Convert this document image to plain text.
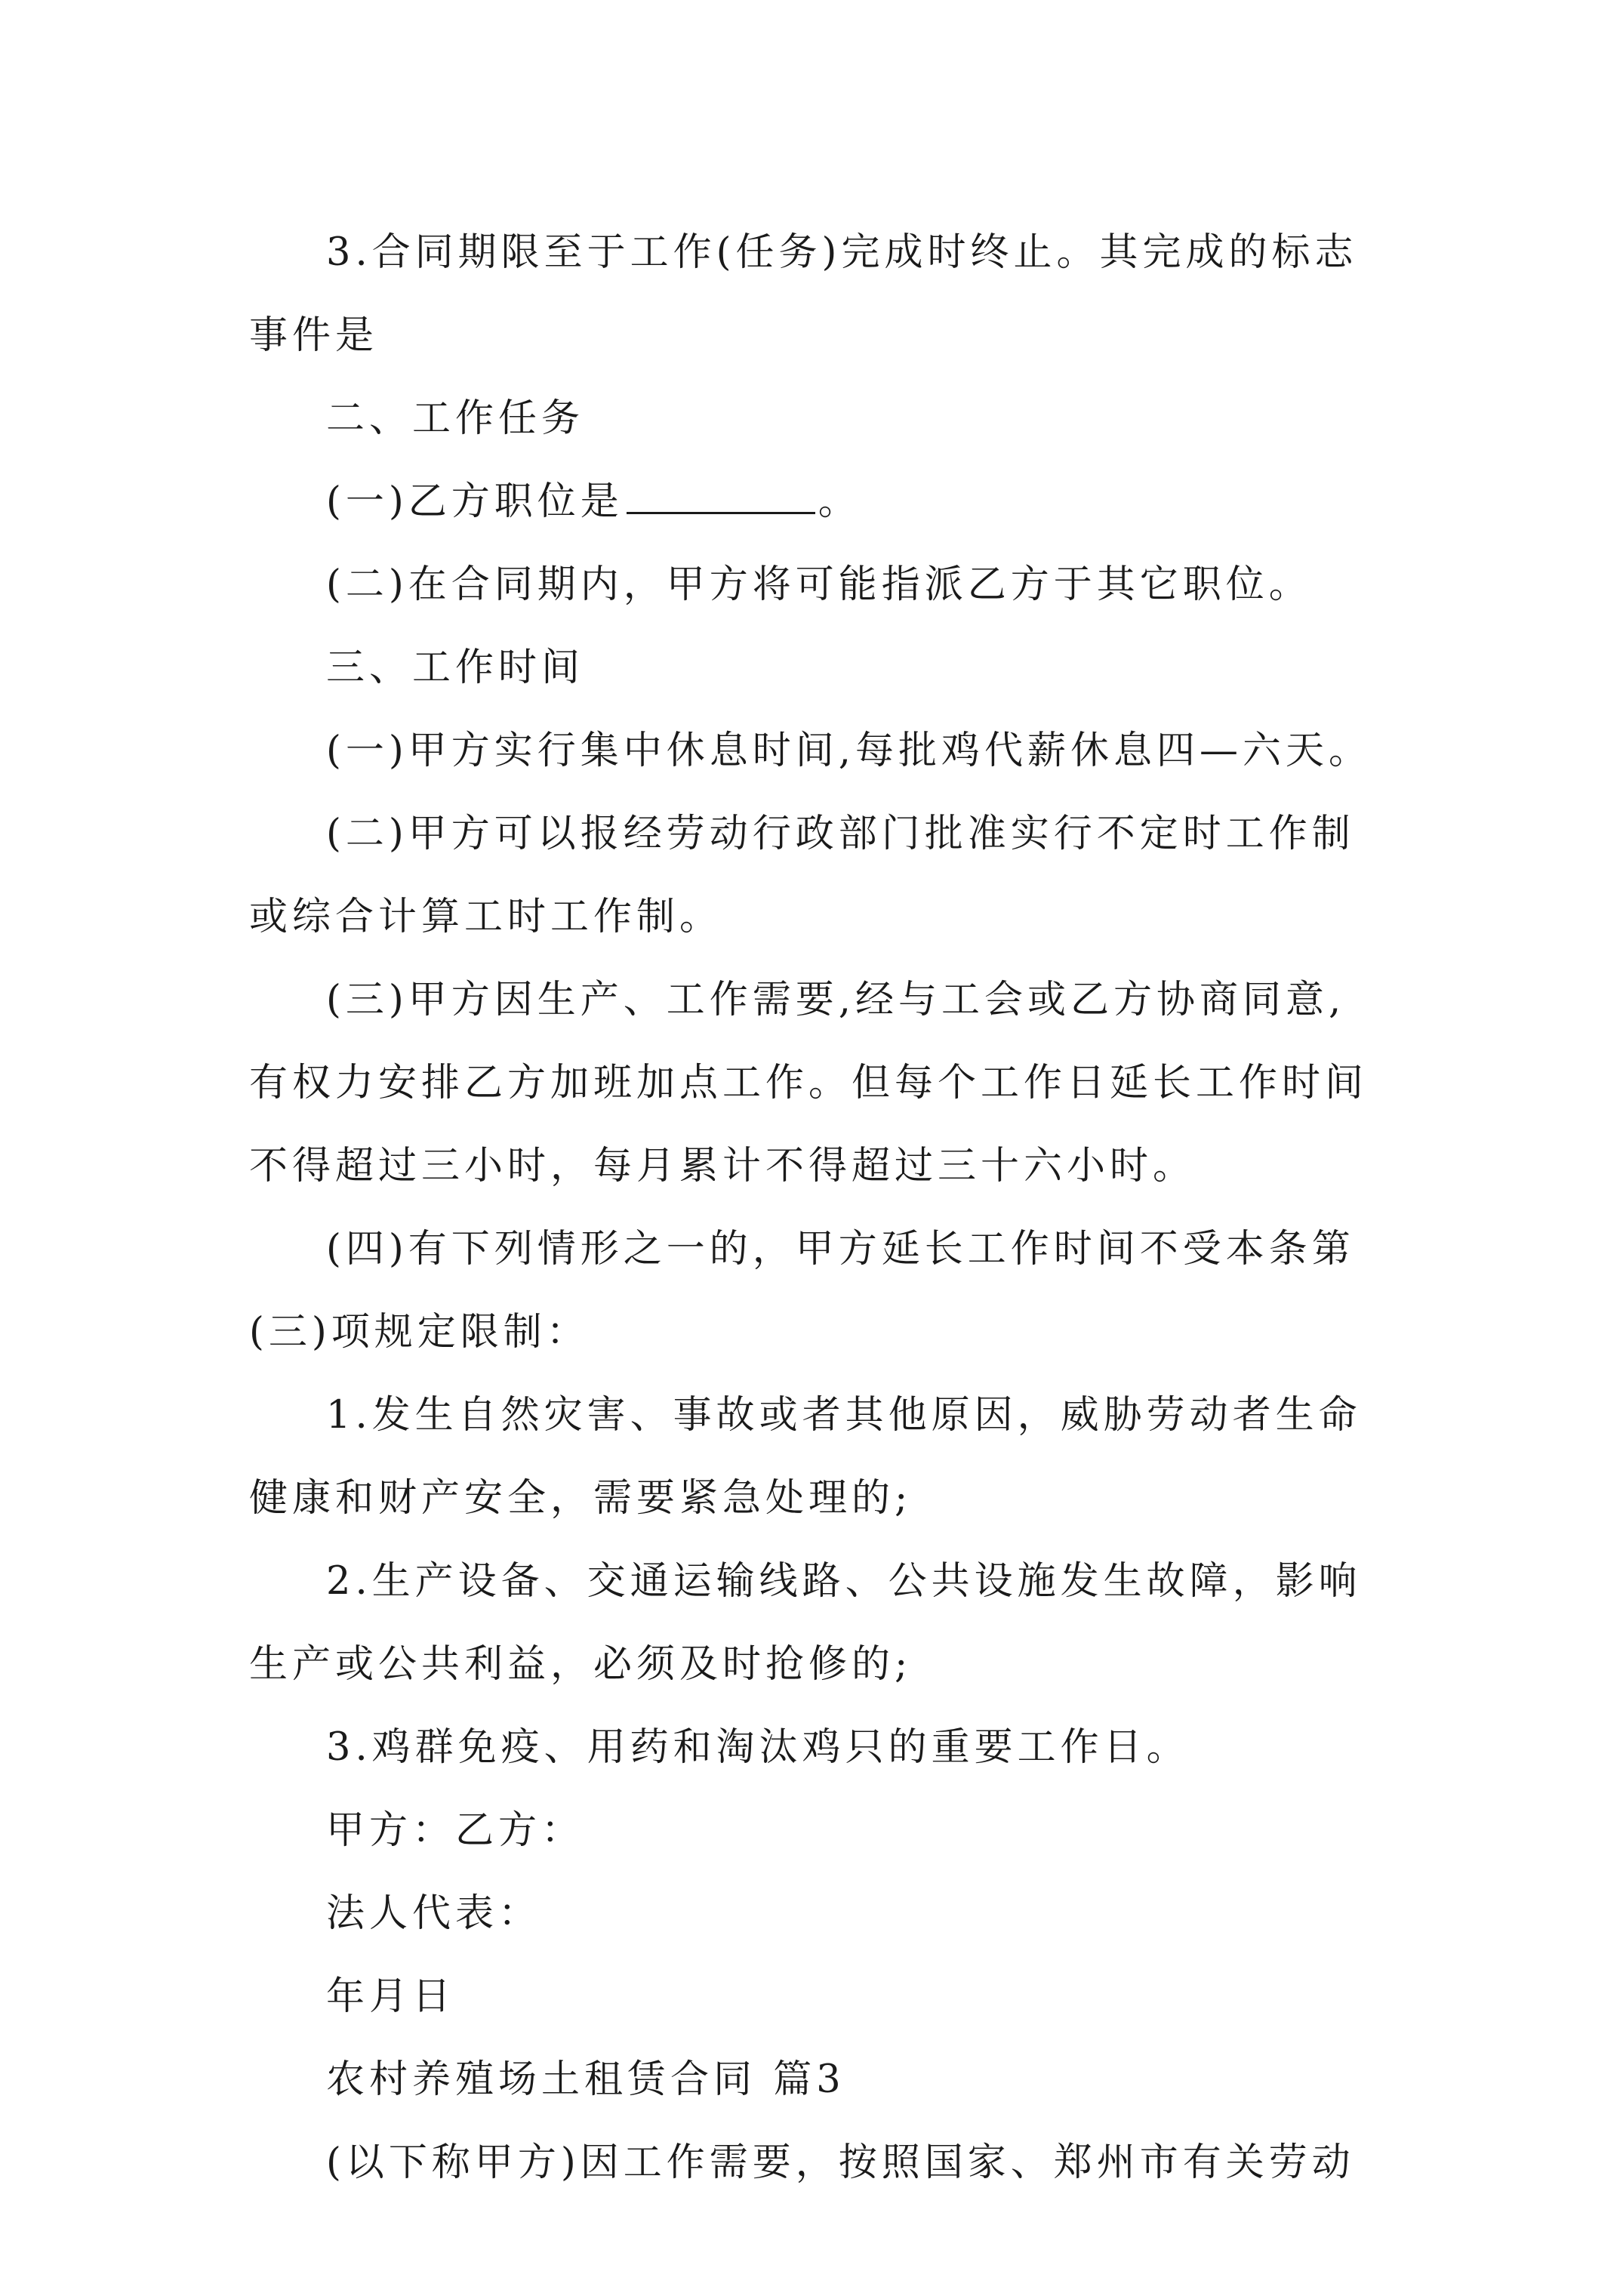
3.合同期限至于工作(任务)完成时终止。其完成的标志事件是

二、工作任务

(一)乙方职位是	。

(二)在合同期内，甲方将可能指派乙方于其它职位。

三、工作时间

(一)甲方实行集中休息时间,每批鸡代薪休息四—六天。

(二)甲方可以报经劳动行政部门批准实行不定时工作制或综合计算工时工作制。

(三)甲方因生产、工作需要,经与工会或乙方协商同意,有权力安排乙方加班加点工作。但每个工作日延长工作时间不得超过三小时，每月累计不得超过三十六小时。

(四)有下列情形之一的，甲方延长工作时间不受本条第(三)项规定限制：

1.发生自然灾害、事故或者其他原因，威胁劳动者生命健康和财产安全，需要紧急处理的;

2.生产设备、交通运输线路、公共设施发生故障，影响生产或公共利益，必须及时抢修的;

3.鸡群免疫、用药和淘汰鸡只的重要工作日。

甲方：乙方：

法人代表：

年月日

农村养殖场土租赁合同 篇3

(以下称甲方)因工作需要，按照国家、郑州市有关劳动
